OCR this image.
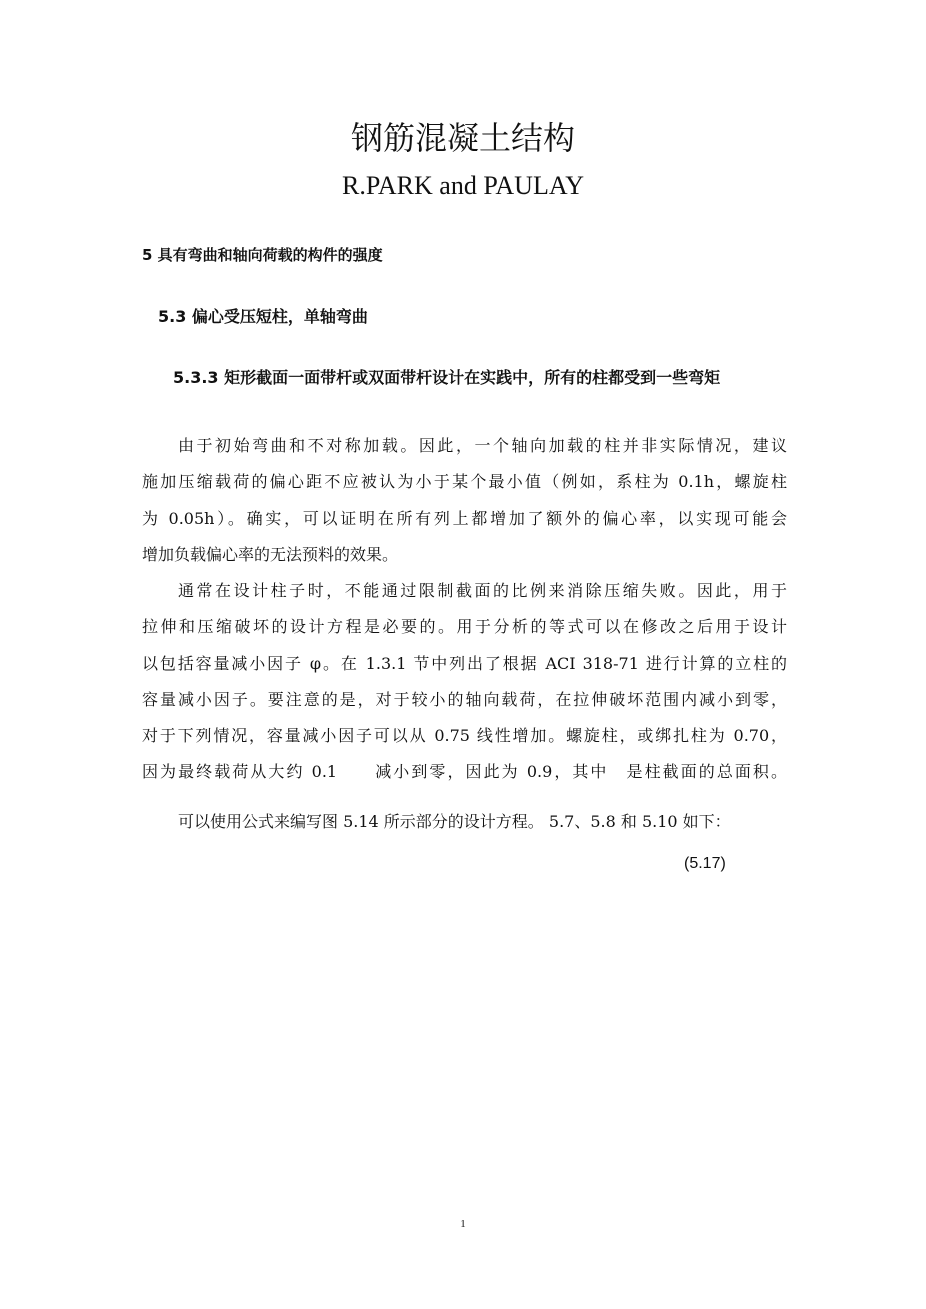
钢筋混凝土结构
R.PARK and PAULAY
5 具有弯曲和轴向荷载的构件的强度
5.3 偏心受压短柱，单轴弯曲
5.3.3 矩形截面一面带杆或双面带杆设计在实践中，所有的柱都受到一些弯矩
由于初始弯曲和不对称加载。因此，一个轴向加载的柱并非实际情况，建议
施加压缩载荷的偏心距不应被认为小于某个最小值（例如，系柱为 0.1h，螺旋柱
为 0.05h）。确实，可以证明在所有列上都增加了额外的偏心率，以实现可能会
增加负载偏心率的无法预料的效果。
通常在设计柱子时，不能通过限制截面的比例来消除压缩失败。因此，用于
拉伸和压缩破坏的设计方程是必要的。用于分析的等式可以在修改之后用于设计
以包括容量减小因子 φ。在 1.3.1 节中列出了根据 ACI 318-71 进行计算的立柱的
容量减小因子。要注意的是，对于较小的轴向载荷，在拉伸破坏范围内减小到零，
对于下列情况，容量减小因子可以从 0.75 线性增加。螺旋柱，或绑扎柱为 0.70，
因为最终载荷从大约 0.1　　减小到零，因此为 0.9，其中　是柱截面的总面积。
可以使用公式来编写图 5.14 所示部分的设计方程。 5.7、5.8 和 5.10 如下：
(5.17)
1
